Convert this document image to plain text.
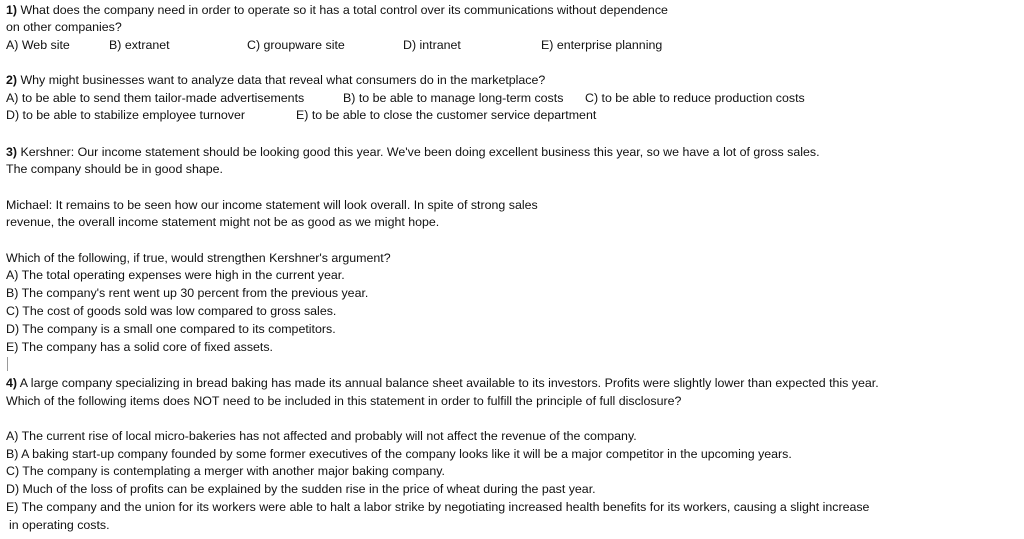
1) What does the company need in order to operate so it has a total control over its communications without dependence
on other companies?
A) Web site	B) extranet	C) groupware site	D) intranet	E) enterprise planning
2) Why might businesses want to analyze data that reveal what consumers do in the marketplace?
A) to be able to send them tailor-made advertisements	B) to be able to manage long-term costs C) to be able to reduce production costs
D) to be able to stabilize employee turnover	E) to be able to close the customer service department
3) Kershner: Our income statement should be looking good this year. We've been doing excellent business this year, so we have a lot of gross sales.
The company should be in good shape.
Michael: It remains to be seen how our income statement will look overall. In spite of strong sales
revenue, the overall income statement might not be as good as we might hope.
Which of the following, if true, would strengthen Kershner's argument?
A) The total operating expenses were high in the current year.
B) The company's rent went up 30 percent from the previous year.
C) The cost of goods sold was low compared to gross sales.
D) The company is a small one compared to its competitors.
E) The company has a solid core of fixed assets.
4) A large company specializing in bread baking has made its annual balance sheet available to its investors. Profits were slightly lower than expected this year.
Which of the following items does NOT need to be included in this statement in order to fulfill the principle of full disclosure?
A) The current rise of local micro-bakeries has not affected and probably will not affect the revenue of the company.
B) A baking start-up company founded by some former executives of the company looks like it will be a major competitor in the upcoming years.
C) The company is contemplating a merger with another major baking company.
D) Much of the loss of profits can be explained by the sudden rise in the price of wheat during the past year.
E) The company and the union for its workers were able to halt a labor strike by negotiating increased health benefits for its workers, causing a slight increase
in operating costs.
